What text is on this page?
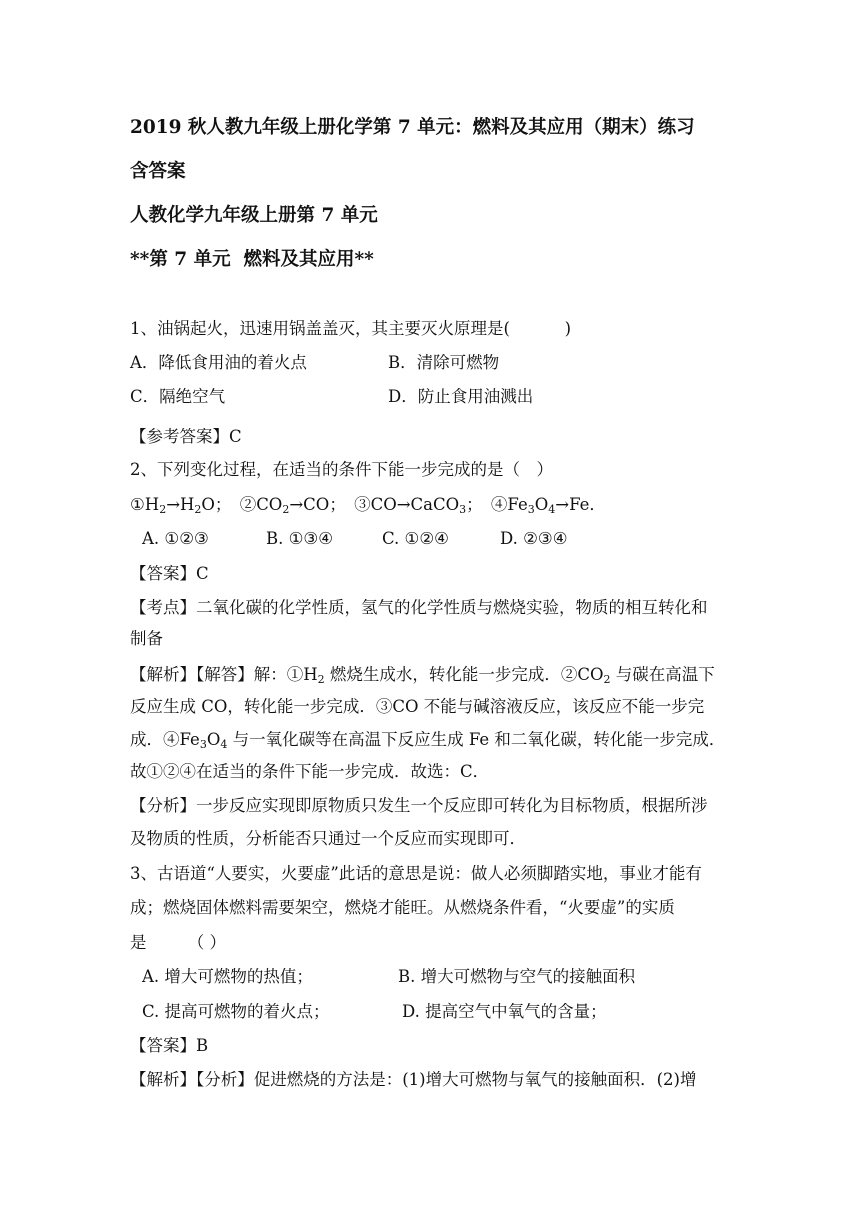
2019 秋人教九年级上册化学第 7 单元：燃料及其应用（期末）练习
含答案
人教化学九年级上册第 7 单元
**第 7 单元  燃料及其应用**
1、油锅起火，迅速用锅盖盖灭，其主要灭火原理是(　　　 )
A．降低食用油的着火点	B．清除可燃物
C．隔绝空气	D．防止食用油溅出
【参考答案】C
2、下列变化过程，在适当的条件下能一步完成的是（　）
$①H_2\to H_2O$；　 $②CO_2\to CO$；　 ③CO→CaCO$_3$；　 $④Fe_3O_4\to Fe$．
A. ①②③	B. ①③④	C. ①②④	D. ②③④
【答案】C
【考点】二氧化碳的化学性质，氢气的化学性质与燃烧实验，物质的相互转化和
制备
【解析】【解答】解：$①H_2$ 燃烧生成水，转化能一步完成．$②CO_2$ 与碳在高温下
反应生成 CO，转化能一步完成．③CO 不能与碱溶液反应，该反应不能一步完
成．$④Fe_3O_4$ 与一氧化碳等在高温下反应生成 Fe 和二氧化碳，转化能一步完成．
故①②④在适当的条件下能一步完成．故选：C．
【分析】一步反应实现即原物质只发生一个反应即可转化为目标物质，根据所涉
及物质的性质，分析能否只通过一个反应而实现即可．
3、古语道“人要实，火要虚”此话的意思是说：做人必须脚踏实地，事业才能有
成；燃烧固体燃料需要架空，燃烧才能旺。从燃烧条件看，“火要虚”的实质
是　　　（ ）
A. 增大可燃物的热值；	B. 增大可燃物与空气的接触面积
C. 提高可燃物的着火点；	D. 提高空气中氧气的含量；
【答案】B
【解析】【分析】促进燃烧的方法是：(1)增大可燃物与氧气的接触面积．(2)增
